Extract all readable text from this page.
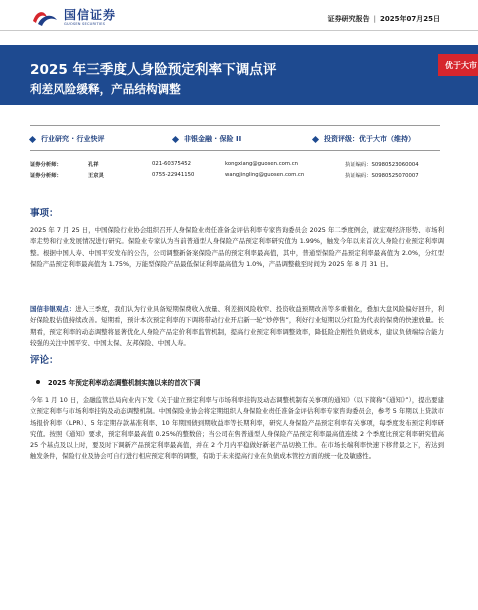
国信证券
GUOSEN SECURITIES
证券研究报告 | 2025年07月25日
2025 年三季度人身险预定利率下调点评
利差风险缓释，产品结构调整
优于大市
行业研究 · 行业快评	非银金融 · 保险 II	投资评级：优于大市（维持）
证券分析师：	孔祥	021-60375452	kongxiang@guosen.com.cn	执证编码：S0980523060004
证券分析师：	王京灵	0755-22941150	wangjingling@guosen.com.cn	执证编码：S0980525070007
事项：
2025 年 7 月 25 日，中国保险行业协会组织召开人身保险业责任准备金评估利率专家咨询委员会 2025 年二季度例会，就宏观经济形势、市场利率走势和行业发展情况进行研究。保险业专家认为当前普通型人身保险产品预定利率研究值为 1.99%，触发今年以来首次人身险行业预定利率调整。根据中国人寿、中国平安发布的公告，公司调整新备案保险产品的预定利率最高值，其中，普通型保险产品预定利率最高值为 2.0%，分红型保险产品预定利率最高值为 1.75%，万能型保险产品最低保证利率最高值为 1.0%，产品调整截至时间为 2025 年 8 月 31 日。
国信非银观点：进入三季度，我们认为行业具备短期保费收入放量、利差损风险收窄、投资收益预期改善等多重催化，叠加大盘风险偏好回升，利好保险股估值持续改善。短期看，预计本次预定利率的下调将带动行业开启新一轮“炒停售”，利好行业短期以分红险为代表的保费的快速放量。长期看，预定利率的动态调整将显著优化人身险产品定价利率监管机制，提高行业预定利率调整效率，降低险企刚性负债成本，建议负债端综合能力较强的关注中国平安、中国太保、友邦保险、中国人寿。
评论：
2025 年预定利率动态调整机制实施以来的首次下调
今年 1 月 10 日，金融监管总局向业内下发《关于建立预定利率与市场利率挂钩及动态调整机制有关事项的通知》（以下简称“《通知》”），提出要建立预定利率与市场利率挂钩及动态调整机制。中国保险业协会将定期组织人身保险业责任准备金评估利率专家咨询委员会，参考 5 年期以上贷款市场报价利率（LPR）、5 年定期存款基准利率、10 年期国债到期收益率等长期利率，研究人身保险产品预定利率有关事项，每季度发布预定利率研究值。按照《通知》要求，预定利率最高值 0.25%的整数倍；当公司在售普通型人身保险产品预定利率最高值连续 2 个季度比预定利率研究值高 25 个基点及以上时，要及时下调新产品预定利率最高值，并在 2 个月内平稳做好新老产品切换工作。在市场长端利率快速下移背景之下，若达到触发条件，保险行业及协会可自行进行相应预定利率的调整，有助于未来提高行业在负债成本管控方面的统一化及敏感性。
